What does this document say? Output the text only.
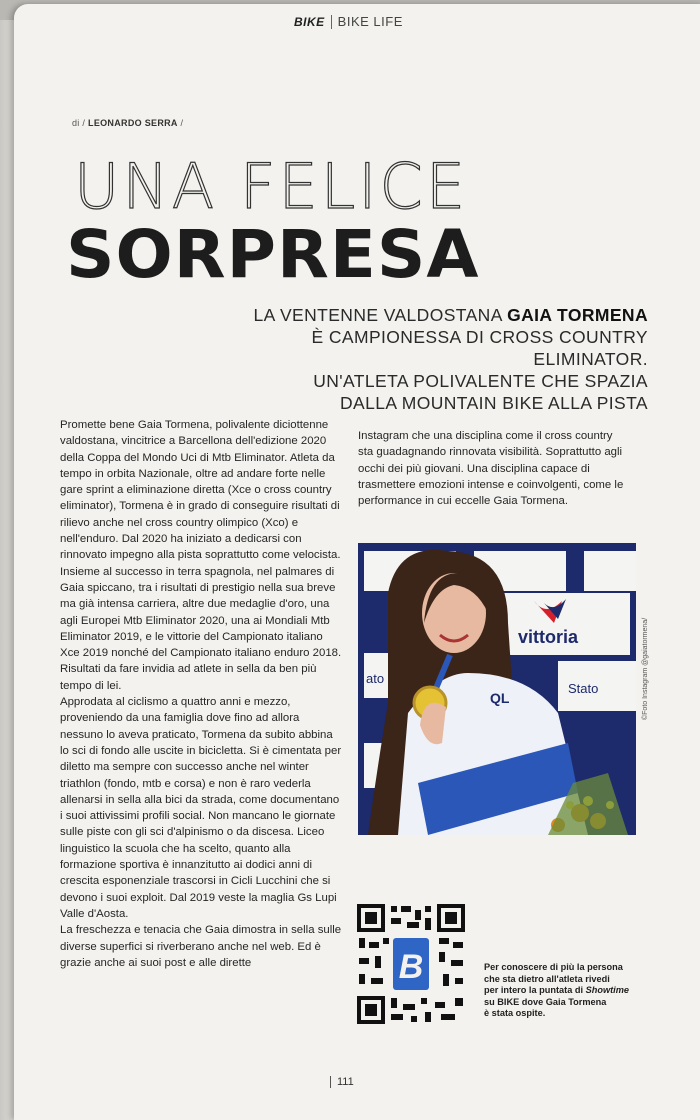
BIKE BIKE LIFE
di / LEONARDO SERRA /
UNA FELICE
SORPRESA
LA VENTENNE VALDOSTANA GAIA TORMENA
È CAMPIONESSA DI CROSS COUNTRY ELIMINATOR.
UN'ATLETA POLIVALENTE CHE SPAZIA
DALLA MOUNTAIN BIKE ALLA PISTA

Promette bene Gaia Tormena, polivalente diciottenne valdostana, vincitrice a Barcellona dell'edizione 2020 della Coppa del Mondo Uci di Mtb Eliminator. Atleta da tempo in orbita Nazionale, oltre ad andare forte nelle gare sprint a eliminazione diretta (Xce o cross country eliminator), Tormena è in grado di conseguire risultati di rilievo anche nel cross country olimpico (Xco) e nell'enduro. Dal 2020 ha iniziato a dedicarsi con rinnovato impegno alla pista soprattutto come velocista.

Insieme al successo in terra spagnola, nel palmares di Gaia spiccano, tra i risultati di prestigio nella sua breve ma già intensa carriera, altre due medaglie d'oro, una agli Europei Mtb Eliminator 2020, una ai Mondiali Mtb Eliminator 2019, e le vittorie del Campionato italiano Xce 2019 nonché del Campionato italiano enduro 2018. Risultati da fare invidia ad atlete in sella da ben più tempo di lei.

Approdata al ciclismo a quattro anni e mezzo, proveniendo da una famiglia dove fino ad allora nessuno lo aveva praticato, Tormena da subito abbina lo sci di fondo alle uscite in bicicletta. Si è cimentata per diletto ma sempre con successo anche nel winter triathlon (fondo, mtb e corsa) e non è raro vederla allenarsi in sella alla bici da strada, come documentano i suoi attivissimi profili social. Non mancano le giornate sulle piste con gli sci d'alpinismo o da discesa. Liceo linguistico la scuola che ha scelto, quanto alla formazione sportiva è innanzitutto ai dodici anni di crescita esponenziale trascorsi in Cicli Lucchini che si devono i suoi exploit. Dal 2019 veste la maglia Gs Lupi Valle d'Aosta.

La freschezza e tenacia che Gaia dimostra in sella sulle diverse superfici si riverberano anche nel web. Ed è grazie anche ai suoi post e alle dirette

Instagram che una disciplina come il cross country sta guadagnando rinnovata visibilità. Soprattutto agli occhi dei più giovani. Una disciplina capace di trasmettere emozioni intense e coinvolgenti, come le performance in cui eccelle Gaia Tormena.

vittoria
Stato
ato
QL	©Foto Instagram @gaiatormena/
B	Per conoscere di più la persona
che sta dietro all'atleta rivedi
per intero la puntata di Showtime
su BIKE dove Gaia Tormena
è stata ospite.
111
